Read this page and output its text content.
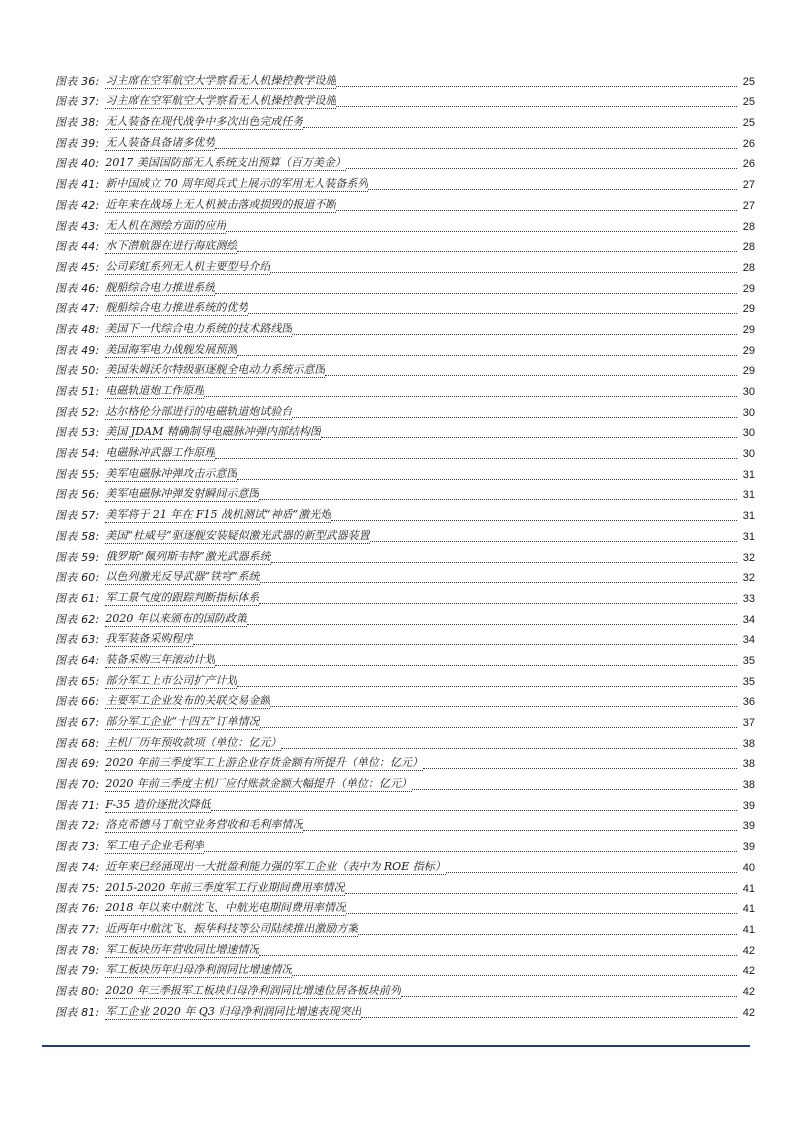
图表 36: 习主席在空军航空大学察看无人机操控教学设施	25
图表 37: 习主席在空军航空大学察看无人机操控教学设施	25
图表 38: 无人装备在现代战争中多次出色完成任务	25
图表 39: 无人装备具备诸多优势	26
图表 40: 2017 美国国防部无人系统支出预算（百万美金）	26
图表 41: 新中国成立 70 周年阅兵式上展示的军用无人装备系列	27
图表 42: 近年来在战场上无人机被击落或损毁的报道不断	27
图表 43: 无人机在测绘方面的应用	28
图表 44: 水下潜航器在进行海底测绘	28
图表 45: 公司彩虹系列无人机主要型号介绍	28
图表 46: 舰船综合电力推进系统	29
图表 47: 舰船综合电力推进系统的优势	29
图表 48: 美国下一代综合电力系统的技术路线图	29
图表 49: 美国海军电力战舰发展预测	29
图表 50: 美国朱姆沃尔特级驱逐舰全电动力系统示意图	29
图表 51: 电磁轨道炮工作原理	30
图表 52: 达尔格伦分部进行的电磁轨道炮试验台	30
图表 53: 美国 JDAM 精确制导电磁脉冲弹内部结构图	30
图表 54: 电磁脉冲武器工作原理	30
图表 55: 美军电磁脉冲弹攻击示意图	31
图表 56: 美军电磁脉冲弹发射瞬间示意图	31
图表 57: 美军将于 21 年在 F15 战机测试“神盾”激光炮	31
图表 58: 美国“杜威号”驱逐舰安装疑似激光武器的新型武器装置	31
图表 59: 俄罗斯“佩列斯韦特”激光武器系统	32
图表 60: 以色列激光反导武器“铁穹”系统	32
图表 61: 军工景气度的跟踪判断指标体系	33
图表 62: 2020 年以来颁布的国防政策	34
图表 63: 我军装备采购程序	34
图表 64: 装备采购三年滚动计划	35
图表 65: 部分军工上市公司扩产计划	35
图表 66: 主要军工企业发布的关联交易金额	36
图表 67: 部分军工企业“十四五”订单情况	37
图表 68: 主机厂历年预收款项（单位：亿元）	38
图表 69: 2020 年前三季度军工上游企业存货金额有所提升（单位：亿元）	38
图表 70: 2020 年前三季度主机厂应付账款金额大幅提升（单位：亿元）	38
图表 71: F-35 造价逐批次降低	39
图表 72: 洛克希德马丁航空业务营收和毛利率情况	39
图表 73: 军工电子企业毛利率	39
图表 74: 近年来已经涌现出一大批盈利能力强的军工企业（表中为 ROE 指标）	40
图表 75: 2015-2020 年前三季度军工行业期间费用率情况	41
图表 76: 2018 年以来中航沈飞、中航光电期间费用率情况	41
图表 77: 近两年中航沈飞、振华科技等公司陆续推出激励方案	41
图表 78: 军工板块历年营收同比增速情况	42
图表 79: 军工板块历年归母净利润同比增速情况	42
图表 80: 2020 年三季报军工板块归母净利润同比增速位居各板块前列	42
图表 81: 军工企业 2020 年 Q3 归母净利润同比增速表现突出	42
